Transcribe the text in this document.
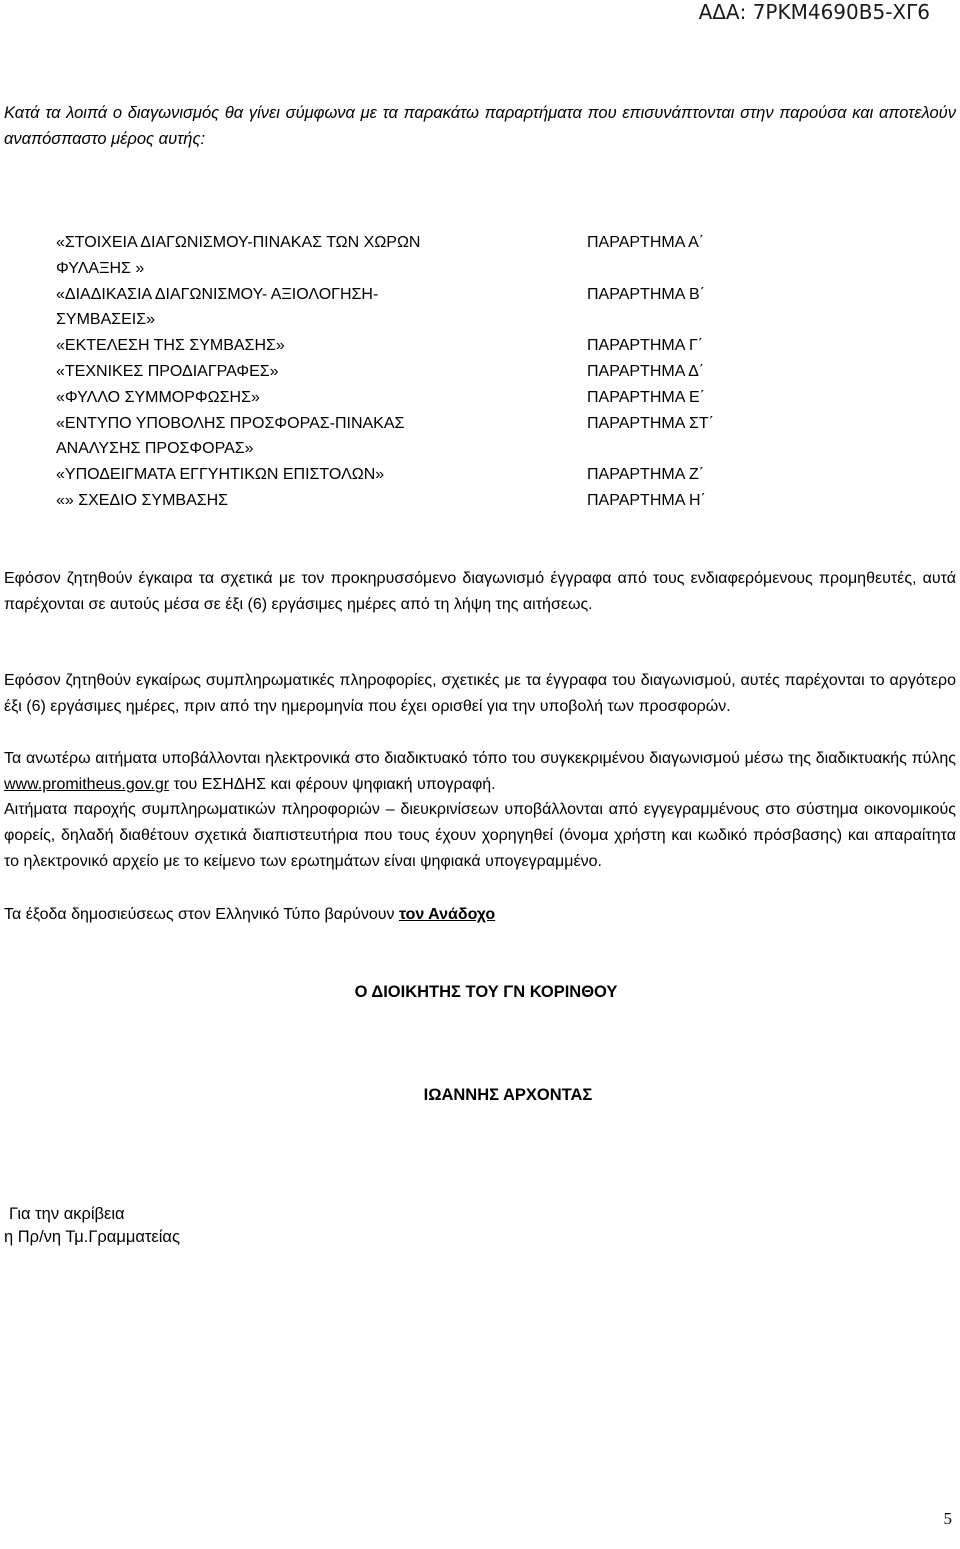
ΑΔΑ: 7ΡΚΜ4690Β5-ΧΓ6
Κατά τα λοιπά ο διαγωνισμός θα γίνει σύμφωνα με τα παρακάτω παραρτήματα που επισυνάπτονται στην παρούσα και αποτελούν αναπόσπαστο μέρος αυτής:
«ΣΤΟΙΧΕΙΑ ΔΙΑΓΩΝΙΣΜΟΥ-ΠΙΝΑΚΑΣ ΤΩΝ ΧΩΡΩΝ
ΦΥΛΑΞΗΣ »
ΠΑΡΑΡΤΗΜΑ Α΄
«ΔΙΑΔΙΚΑΣΙΑ ΔΙΑΓΩΝΙΣΜΟΥ- ΑΞΙΟΛΟΓΗΣΗ-
ΣΥΜΒΑΣΕΙΣ»
ΠΑΡΑΡΤΗΜΑ Β΄
«ΕΚΤΕΛΕΣΗ ΤΗΣ ΣΥΜΒΑΣΗΣ»	ΠΑΡΑΡΤΗΜΑ Γ΄
«ΤΕΧΝΙΚΕΣ ΠΡΟΔΙΑΓΡΑΦΕΣ»	ΠΑΡΑΡΤΗΜΑ Δ΄
«ΦΥΛΛΟ ΣΥΜΜΟΡΦΩΣΗΣ»	ΠΑΡΑΡΤΗΜΑ Ε΄
«ΕΝΤΥΠΟ ΥΠΟΒΟΛΗΣ ΠΡΟΣΦΟΡΑΣ-ΠΙΝΑΚΑΣ
ΑΝΑΛΥΣΗΣ ΠΡΟΣΦΟΡΑΣ»
ΠΑΡΑΡΤΗΜΑ ΣΤ΄
«ΥΠΟΔΕΙΓΜΑΤΑ ΕΓΓΥΗΤΙΚΩΝ ΕΠΙΣΤΟΛΩΝ»	ΠΑΡΑΡΤΗΜΑ Ζ΄
«» ΣΧΕΔΙΟ ΣΥΜΒΑΣΗΣ	ΠΑΡΑΡΤΗΜΑ Η΄
Εφόσον ζητηθούν έγκαιρα τα σχετικά με τον προκηρυσσόμενο διαγωνισμό έγγραφα από τους ενδιαφερόμενους προμηθευτές, αυτά παρέχονται σε αυτούς μέσα σε έξι (6) εργάσιμες ημέρες από τη λήψη της αιτήσεως.
Εφόσον ζητηθούν εγκαίρως συμπληρωματικές πληροφορίες, σχετικές με τα έγγραφα του διαγωνισμού, αυτές παρέχονται το αργότερο έξι (6) εργάσιμες ημέρες, πριν από την ημερομηνία που έχει ορισθεί για την υποβολή των προσφορών.
Τα ανωτέρω αιτήματα υποβάλλονται ηλεκτρονικά στο διαδικτυακό τόπο του συγκεκριμένου διαγωνισμού μέσω της διαδικτυακής πύλης www.promitheus.gov.gr του ΕΣΗΔΗΣ και φέρουν ψηφιακή υπογραφή.
Αιτήματα παροχής συμπληρωματικών πληροφοριών – διευκρινίσεων υποβάλλονται από εγγεγραμμένους στο σύστημα οικονομικούς φορείς, δηλαδή διαθέτουν σχετικά διαπιστευτήρια που τους έχουν χορηγηθεί (όνομα χρήστη και κωδικό πρόσβασης) και απαραίτητα το ηλεκτρονικό αρχείο με το κείμενο των ερωτημάτων είναι ψηφιακά υπογεγραμμένο.
Τα έξοδα δημοσιεύσεως στον Ελληνικό Τύπο βαρύνουν τον Ανάδοχο
Ο ΔΙΟΙΚΗΤΗΣ ΤΟΥ ΓΝ ΚΟΡΙΝΘΟΥ
ΙΩΑΝΝΗΣ ΑΡΧΟΝΤΑΣ
Για την ακρίβεια
η Πρ/νη Τμ.Γραμματείας
5
